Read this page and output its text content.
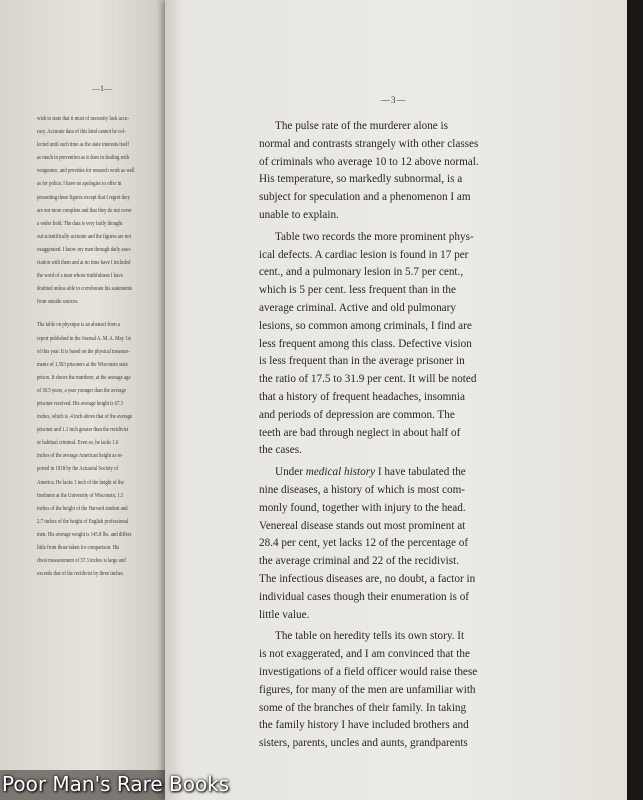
—1—
wish to state that it must of necessity lack accu-
racy. Accurate data of this kind cannot be col-
lected until such time as the state interests itself
as much in prevention as it does in dealing with
vengeance, and provides for research work as well
as for police. I have no apologies to offer in
presenting these figures except that I regret they
are not more complete and that they do not cover
a wider field. The data is very fairly thought
out scientifically accurate and the figures are not
exaggerated. I know my men through daily asso-
ciation with them and at no time have I included
the word of a man whose truthfulness I have
doubted unless able to corroborate his statements
from outside sources.
The table on physique is an abstract from a
report published in the Journal A. M. A. May 1st
of this year. It is based on the physical measure-
ments of 1,503 prisoners at the Wisconsin state
prison. It shows the murderer, at the average age
of 30.5 years, a year younger than the average
prisoner received. His average height is 67.3
inches, which is .4 inch above that of the average
prisoner and 1.1 inch greater than the recidivist
or habitual criminal. Even so, he lacks 1.6
inches of the average American height as re-
ported in 1918 by the Actuarial Society of
America. He lacks 1 inch of the height of the
freshmen at the University of Wisconsin, 1.5
inches of the height of the Harvard student and
2.7 inches of the height of English professional
men. His average weight is 145.8 lbs. and differs
little from those taken for comparison. His
chest measurement of 37.3 inches is large and
exceeds that of the recidivist by three inches.
—3—
The pulse rate of the murderer alone is
normal and contrasts strangely with other classes
of criminals who average 10 to 12 above normal.
His temperature, so markedly subnormal, is a
subject for speculation and a phenomenon I am
unable to explain.
Table two records the more prominent phys-
ical defects. A cardiac lesion is found in 17 per
cent., and a pulmonary lesion in 5.7 per cent.,
which is 5 per cent. less frequent than in the
average criminal. Active and old pulmonary
lesions, so common among criminals, I find are
less frequent among this class. Defective vision
is less frequent than in the average prisoner in
the ratio of 17.5 to 31.9 per cent. It will be noted
that a history of frequent headaches, insomnia
and periods of depression are common. The
teeth are bad through neglect in about half of
the cases.
Under medical history I have tabulated the
nine diseases, a history of which is most com-
monly found, together with injury to the head.
Venereal disease stands out most prominent at
28.4 per cent, yet lacks 12 of the percentage of
the average criminal and 22 of the recidivist.
The infectious diseases are, no doubt, a factor in
individual cases though their enumeration is of
little value.
The table on heredity tells its own story. It
is not exaggerated, and I am convinced that the
investigations of a field officer would raise these
figures, for many of the men are unfamiliar with
some of the branches of their family. In taking
the family history I have included brothers and
sisters, parents, uncles and aunts, grandparents
Poor Man's Rare Books
